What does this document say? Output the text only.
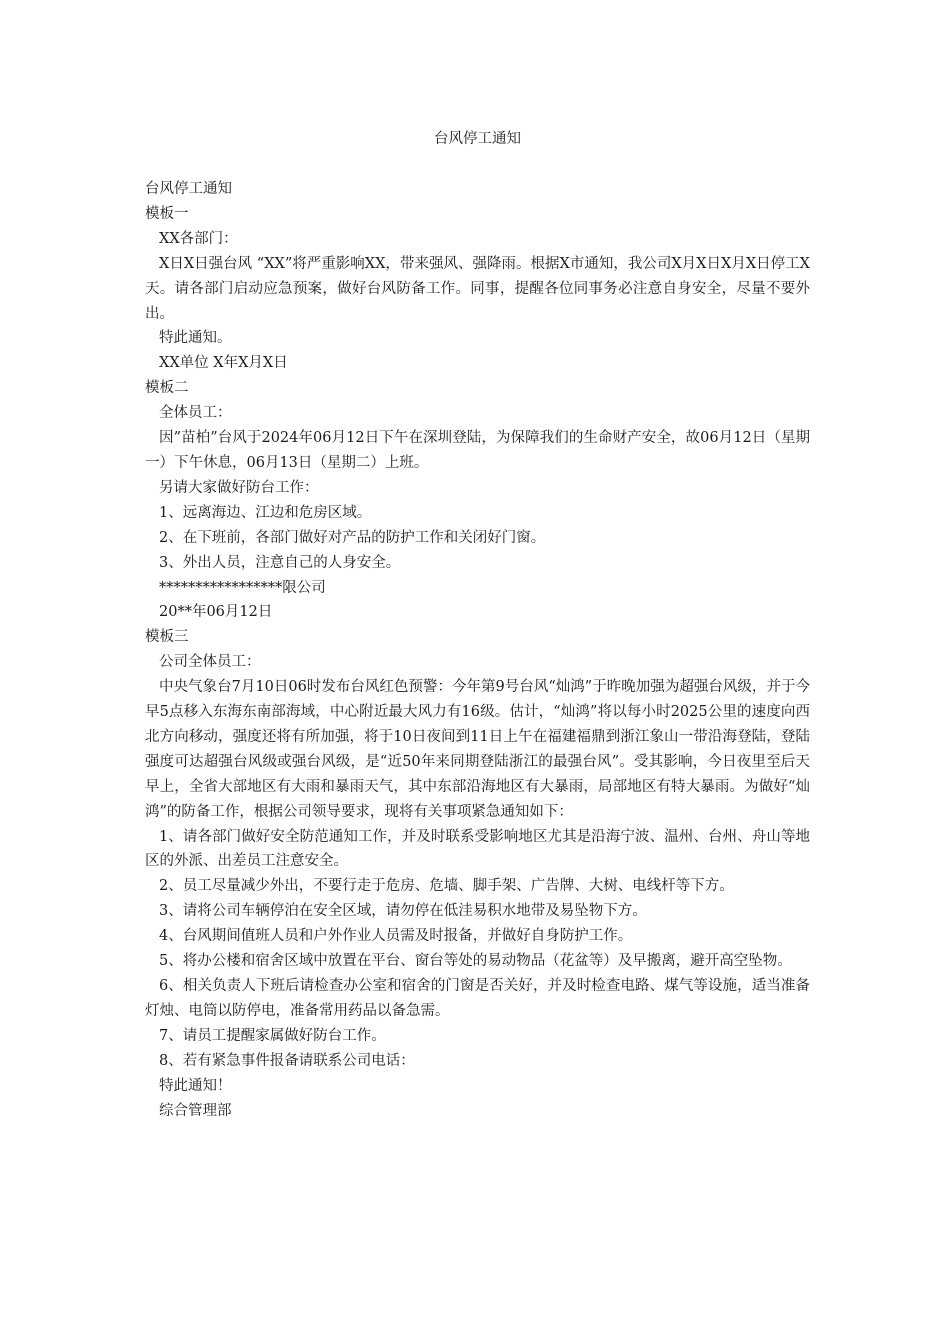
台风停工通知

台风停工通知

模板一

XX各部门：

X日X日强台风 “XX”将严重影响XX，带来强风、强降雨。根据X市通知，我公司X月X日X月X日停工X天。请各部门启动应急预案，做好台风防备工作。同事，提醒各位同事务必注意自身安全，尽量不要外出。

特此通知。

XX单位 X年X月X日

模板二

全体员工：

因”苗柏”台风于2024年06月12日下午在深圳登陆，为保障我们的生命财产安全，故06月12日（星期一）下午休息，06月13日（星期二）上班。

另请大家做好防台工作：

1、远离海边、江边和危房区域。

2、在下班前，各部门做好对产品的防护工作和关闭好门窗。

3、外出人员，注意自己的人身安全。

*****************限公司

20**年06月12日

模板三

公司全体员工：

中央气象台7月10日06时发布台风红色预警：今年第9号台风“灿鸿”于昨晚加强为超强台风级，并于今早5点移入东海东南部海域，中心附近最大风力有16级。估计，“灿鸿”将以每小时2025公里的速度向西北方向移动，强度还将有所加强，将于10日夜间到11日上午在福建福鼎到浙江象山一带沿海登陆，登陆强度可达超强台风级或强台风级，是“近50年来同期登陆浙江的最强台风”。受其影响，今日夜里至后天早上，全省大部地区有大雨和暴雨天气，其中东部沿海地区有大暴雨，局部地区有特大暴雨。为做好“灿鸿”的防备工作，根据公司领导要求，现将有关事项紧急通知如下：

1、请各部门做好安全防范通知工作，并及时联系受影响地区尤其是沿海宁波、温州、台州、舟山等地区的外派、出差员工注意安全。

2、员工尽量减少外出，不要行走于危房、危墙、脚手架、广告牌、大树、电线杆等下方。

3、请将公司车辆停泊在安全区域，请勿停在低洼易积水地带及易坠物下方。

4、台风期间值班人员和户外作业人员需及时报备，并做好自身防护工作。

5、将办公楼和宿舍区域中放置在平台、窗台等处的易动物品（花盆等）及早搬离，避开高空坠物。

6、相关负责人下班后请检查办公室和宿舍的门窗是否关好，并及时检查电路、煤气等设施，适当准备灯烛、电筒以防停电，准备常用药品以备急需。

7、请员工提醒家属做好防台工作。

8、若有紧急事件报备请联系公司电话：

特此通知！

综合管理部
